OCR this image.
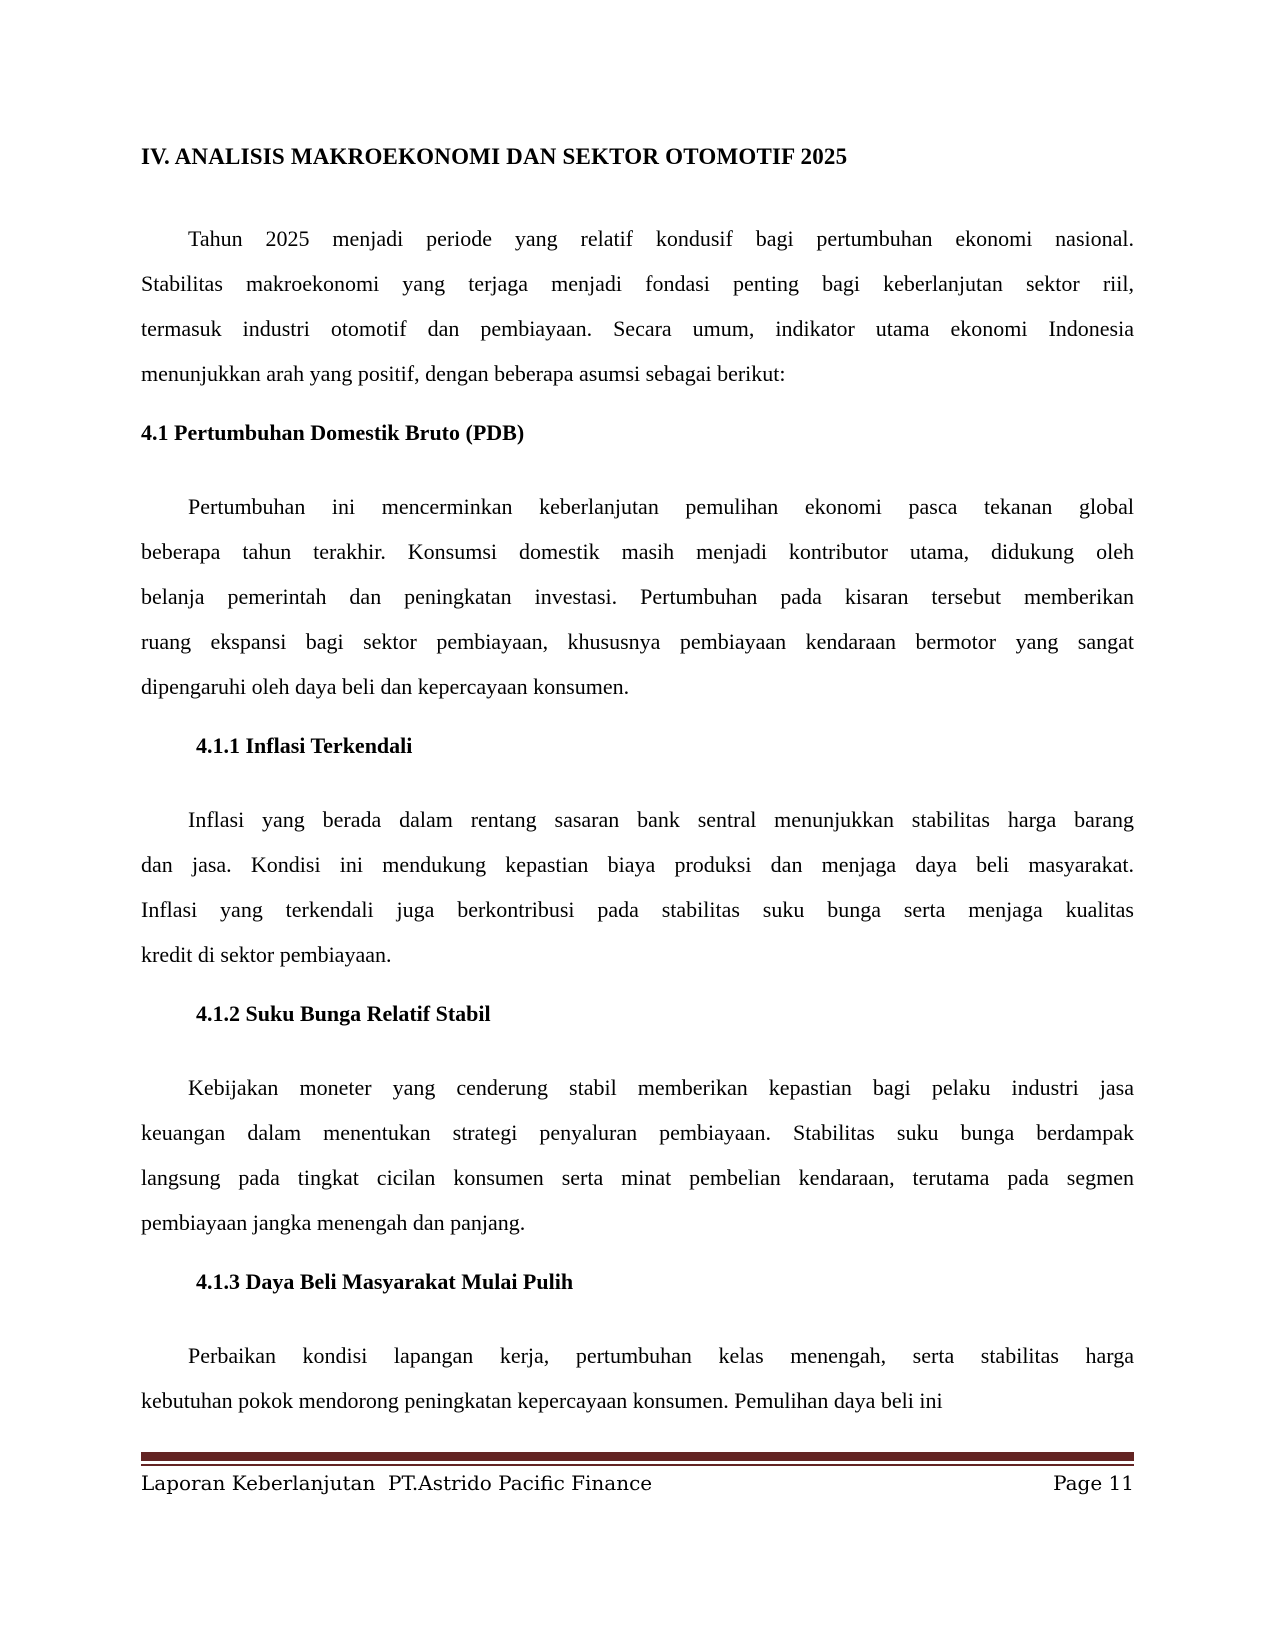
IV. ANALISIS MAKROEKONOMI DAN SEKTOR OTOMOTIF 2025
Tahun 2025 menjadi periode yang relatif kondusif bagi pertumbuhan ekonomi nasional.
Stabilitas makroekonomi yang terjaga menjadi fondasi penting bagi keberlanjutan sektor riil,
termasuk industri otomotif dan pembiayaan. Secara umum, indikator utama ekonomi Indonesia
menunjukkan arah yang positif, dengan beberapa asumsi sebagai berikut:
4.1 Pertumbuhan Domestik Bruto (PDB)
Pertumbuhan ini mencerminkan keberlanjutan pemulihan ekonomi pasca tekanan global
beberapa tahun terakhir. Konsumsi domestik masih menjadi kontributor utama, didukung oleh
belanja pemerintah dan peningkatan investasi. Pertumbuhan pada kisaran tersebut memberikan
ruang ekspansi bagi sektor pembiayaan, khususnya pembiayaan kendaraan bermotor yang sangat
dipengaruhi oleh daya beli dan kepercayaan konsumen.
4.1.1 Inflasi Terkendali
Inflasi yang berada dalam rentang sasaran bank sentral menunjukkan stabilitas harga barang
dan jasa. Kondisi ini mendukung kepastian biaya produksi dan menjaga daya beli masyarakat.
Inflasi yang terkendali juga berkontribusi pada stabilitas suku bunga serta menjaga kualitas
kredit di sektor pembiayaan.
4.1.2 Suku Bunga Relatif Stabil
Kebijakan moneter yang cenderung stabil memberikan kepastian bagi pelaku industri jasa
keuangan dalam menentukan strategi penyaluran pembiayaan. Stabilitas suku bunga berdampak
langsung pada tingkat cicilan konsumen serta minat pembelian kendaraan, terutama pada segmen
pembiayaan jangka menengah dan panjang.
4.1.3 Daya Beli Masyarakat Mulai Pulih
Perbaikan kondisi lapangan kerja, pertumbuhan kelas menengah, serta stabilitas harga
kebutuhan pokok mendorong peningkatan kepercayaan konsumen. Pemulihan daya beli ini
Laporan Keberlanjutan  PT.Astrido Pacific Finance	Page 11
